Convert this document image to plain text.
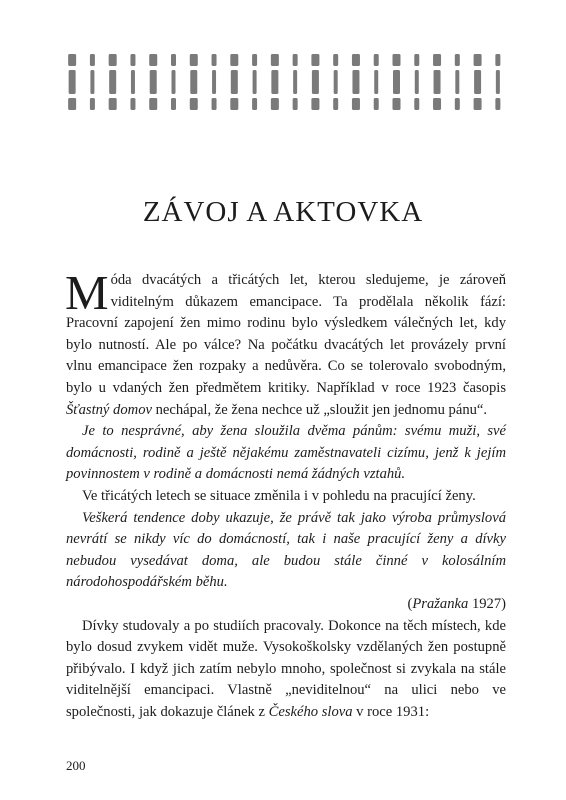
ZÁVOJ A AKTOVKA

Móda dvacátých a třicátých let, kterou sledujeme, je zároveň viditelným důkazem emancipace. Ta prodělala několik fází: Pracovní zapojení žen mimo rodinu bylo výsledkem válečných let, kdy bylo nutností. Ale po válce? Na počátku dvacátých let provázely první vlnu emancipace žen rozpaky a nedůvěra. Co se tolerovalo svobodným, bylo u vdaných žen předmětem kritiky. Například v roce 1923 časopis Šťastný domov nechápal, že žena nechce už „sloužit jen jednomu pánu“.

Je to nesprávné, aby žena sloužila dvěma pánům: svému muži, své domácnosti, rodině a ještě nějakému zaměstnavateli cizímu, jenž k jejím povinnostem v rodině a domácnosti nemá žádných vztahů.

Ve třicátých letech se situace změnila i v pohledu na pracující ženy.

Veškerá tendence doby ukazuje, že právě tak jako výroba průmyslová nevrátí se nikdy víc do domácností, tak i naše pracující ženy a dívky nebudou vysedávat doma, ale budou stále činné v kolosálním národohospodářském běhu.

(Pražanka 1927)

Dívky studovaly a po studiích pracovaly. Dokonce na těch místech, kde bylo dosud zvykem vidět muže. Vysokoškolsky vzdělaných žen postupně přibývalo. I když jich zatím nebylo mnoho, společnost si zvykala na stále viditelnější emancipaci. Vlastně „neviditelnou“ na ulici nebo ve společnosti, jak dokazuje článek z Českého slova v roce 1931:

200
